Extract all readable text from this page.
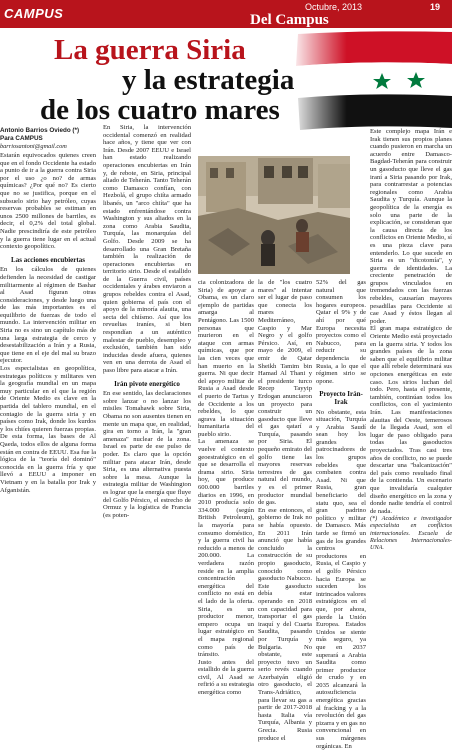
CAMPUS	Octubre, 2013	19
Del Campus
La guerra Siria
y la estrategia
de los cuatro mares
Antonio Barrios Oviedo (*)
Para CAMPUS
barriosantoni@gmail.com

Estarán equivocados quienes creen que en el fondo Occidente ha estado a punto de ir a la guerra contra Siria por el uso ¿o no? de armas químicas? ¿Por qué no? Es cierto que no se justifica, porque en el subsuelo sirio hay petróleo, cuyas reservas probables se estiman en unos 2500 millones de barriles, es decir, el 0,2% del total global. Nadie prescindiría de este petróleo y la guerra tiene lugar en el actual contexto geopolítico.

Las acciones encubiertas

En los cálculos de quienes defienden la necesidad de castigar militarmente al régimen de Bashar al Asad figuran otras consideraciones, y desde luego una de las más importantes es el equilibrio de fuerzas de todo el mundo. La intervención militar en Siria no es sino un capítulo más de una larga estrategia de cerco y desestabilización a Irán y a Rusia, que tiene en el eje del mal su brazo ejecutor.

Los especialistas en geopolítica, estrategas políticos y militares ven la geografía mundial en un mapa muy particular en el que la región de Oriente Medio es clave en la partida del tablero mundial, en el contagio de la guerra siria y en países como Irak, donde los kurdos y los chiíes quieren fuerzas propias. De esta forma, las bases de Al Qaeda, todos ellos de alguna forma están en contra de EEUU. Esa fue la lógica de la "teoría del dominó" conocida en la guerra fría y que llevó a EEUU a imponer en Vietnam y en la batalla por Irak y Afganistán.

En Siria, la intervención occidental comenzó en realidad hace años, y tiene que ver con Irán. Desde 2007 EEUU e Israel han estado realizando operaciones encubiertas en Irán y, de rebote, en Siria, principal aliado de Teherán. Tanto Teherán como Damasco confían, con Hezbolá, el grupo chiíta armado libanés, un "arco chiíta" que ha estado enfrentándose contra Washington y sus aliados en la zona como Arabia Saudita, Turquía, las monarquías del Golfo. Desde 2009 se ha desarrollado una Gran Bretaña también la realización de operaciones encubiertas en territorio sirio. Desde el estallido de la Guerra civil, países occidentales y árabes enviaron a grupos rebeldes contra el Asad, quien gobierna el país con el apoyo de la minoría alauita, una secta del chiísmo. Así que los revueltas iraníes, si bien respondían a un auténtico malestar de pueblo, desempleo y exclusión, también han sido inducidas desde afuera, quienes ven en una derrota de Asad el paso libre para atacar a Irán.

Irán pivote energético

En ese sentido, las declaraciones sobre lanzar o no lanzar los misiles Tomahawk sobre Siria, Obama no son ausentes tienen en mente un mapa que, en realidad, gira en torno a Irán, la "gran amenaza" nuclear de la zona. Israel es parte de ese pulso de poder. Es claro que la opción militar para atacar Irán, desde Siria, es una alternativa puesta sobre la mesa. Aunque la estrategia militar de Washington es lograr que la energía que fluye del Golfo Pérsico, el estrecho de Ormuz y la logística de Francia (es poten-

cia colonizadora de Siria) de apoyar a Obama, es un claro ejemplo de partidas amarga al Pentágono. Las 1500 personas que murieron en el ataque con armas químicas, que por las cien veces que han muerto en la guerra. Ni que decir del apoyo militar de Rusia a Asad desde el puerto de Tartus y de Occidente a los rebeldes, lo que agrava la situación humanitaria del pueblo sirio.

La amenaza se vuelve el contexto geoestratégico en el que se desarrolla el drama sirio. Siria hoy, que produce 600.000 barriles diarios en 1996, en 2010 producía solo 334.000 (según British Petroleum), la mayoría para consumo doméstico, y la guerra civil ha reducido a menos de 200.000. La verdadera razón reside en la amplia concentración energética del conflicto no está en el lado de la oferta. Siria, es un productor menor, empero ocupa un lugar estratégico en el mapa regional como país de tránsito.

Justo antes del estallido de la guerra civil, Al Asad se refirió a su estrategia energética como

la de "los cuatro mares" al intentar ser el lugar de paso que conecta los mares Mediterráneo, Caspio y Mar Negro y el golfo Pérsico. Así, en mayo de 2009, el emir de Qatar Sheikh Tamim bin Hamad Al Thani y el presidente turco Recep Tayyip Erdogan anunciaron un proyecto para construir un gasoducto que lleve el gas qatarí a Turquía, pasando por Siria. El pequeño emirato del golfo tiene las mayores reservas terrestres de gas natural del mundo, y es el primer productor mundial de gas.

En ese entonces, el gobierno de Irak no se había opuesto. En 2011 Irán anunció que había concluido la construcción de su propio gasoducto, conocido como gasoducto Nabucco. Este gasoducto debía estar operando en 2018 con capacidad para transportar el gas iraquí y del Cuarta Saudita, pasando por Turquía y Bulgaria. No obstante, este proyecto tuvo un serio revés cuando Azerbaiyán eligió otro gasoducto, el Trans-Adriático, para llevar su gas a partir de 2017-2018 hasta Italia vía Turquía, Albania y Grecia. Rusia produce el

Este complejo mapa Irán e Irak tienen sus propios planes cuando pusieron en marcha un acuerdo entre Damasco-Bagdad-Teherán para construir un gasoducto que lleve el gas iraní a Siria pasando por Irak, para contrarrestar a potencias regionales como Arabia Saudita y Turquía. Aunque la geopolítica de la energía es solo una parte de la explicación, se consideran que la causa directa de los conflictos en Oriente Medio, sí es una pieza clave para entenderlo. Lo que sucede en Siria es un "dicotomía", y guerra de identidades. La creciente penetración de grupos vinculados en tremendados con las fuerzas rebeldes, causarían mayores pesadillas para Occidente si cae Asad y éstos llegan al poder.

El gran mapa estratégico de Oriente Medio está proyectado en la guerra siria. Y todos los grandes países de la zona saben que el equilibrio militar que allí rebele determinará sus opciones energéticas en este caso. Los sirios luchan del todo. Pero, hasta el presente, también, continúan todos los conflictos, con el yacimiento Irán. Las manifestaciones alauitas del Oeste, temerosos de la llegada Asad, son el lugar de paso obligado para todas las gasoductos proyectados. Tras casi tres años de conflicto, no se puede descartar una "balcanización" del país como resultado final de la contienda. Un escenario que invalidaría cualquier diseño energético en la zona y donde nadie tendría el control de nada.

(*) Académico e investigador especialista en conflictos internacionales. Escuela de Relaciones Internacionales-UNA.

52% del gas natural que consumen los hogares europeos. Qatar el 9% y de ahí por qué Europa necesita proyectos como el Nabucco, para reducir su dependencia de Rusia, a lo que el régimen sirio se opone.

Proyecto Irán-Irak

No obstante, esta situación, Turquía y Arabia Saudí sean hoy los grandes patrocinadores de los grupos rebeldes que combaten contra Asad. Ni que Rusia, gran beneficiario del statu quo, sea el gran padrino político y militar de Damasco. Más tarde se firmó un gas de los grandes centros productores en Rusia, el Caspio y el golfo Pérsico hacia Europa se suceden los intrincados valores estratégicos en el que, por ahora, pierde la Unión Europea. Estados Unidos se siente más seguro, ya que en 2037 superará a Arabia Saudita como primer productor de crudo y en 2035 alcanzará la autosuficiencia energética gracias al fracking y a la revolución del gas pizarra y en gas no convencional en sus márgenes orgánicas. En
